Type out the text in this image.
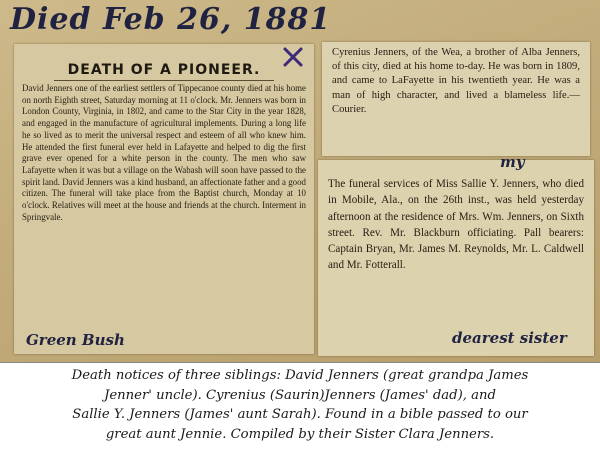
Died Feb 26, 1881
DEATH OF A PIONEER.
David Jenners one of the earliest settlers of Tippecanoe county died at his home on north Eighth street, Saturday morning at 11 o'clock. Mr. Jenners was born in London County, Virginia, in 1802, and came to the Star City in the year 1828, and engaged in the manufacture of agricultural implements. During a long life he so lived as to merit the universal respect and esteem of all who knew him. He attended the first funeral ever held in Lafayette and helped to dig the first grave ever opened for a white person in the county. The men who saw Lafayette when it was but a village on the Wabash will soon have passed to the spirit land. David Jenners was a kind husband, an affectionate father and a good citizen. The funeral will take place from the Baptist church, Monday at 10 o'clock. Relatives will meet at the house and friends at the church. Interment in Springvale.
Cyrenius Jenners, of the Wea, a brother of Alba Jenners, of this city, died at his home to-day. He was born in 1809, and came to LaFayette in his twentieth year. He was a man of high character, and lived a blameless life.—Courier.
The funeral services of Miss Sallie Y. Jenners, who died in Mobile, Ala., on the 26th inst., was held yesterday afternoon at the residence of Mrs. Wm. Jenners, on Sixth street. Rev. Mr. Blackburn officiating. Pall bearers: Captain Bryan, Mr. James M. Reynolds, Mr. L. Caldwell and Mr. Fotterall.
Green Bush
my
dearest sister
Death notices of three siblings: David Jenners (great grandpa James
Jenner' uncle). Cyrenius (Saurin)Jenners (James' dad), and
Sallie Y. Jenners (James' aunt Sarah). Found in a bible passed to our
great aunt Jennie. Compiled by their Sister Clara Jenners.
